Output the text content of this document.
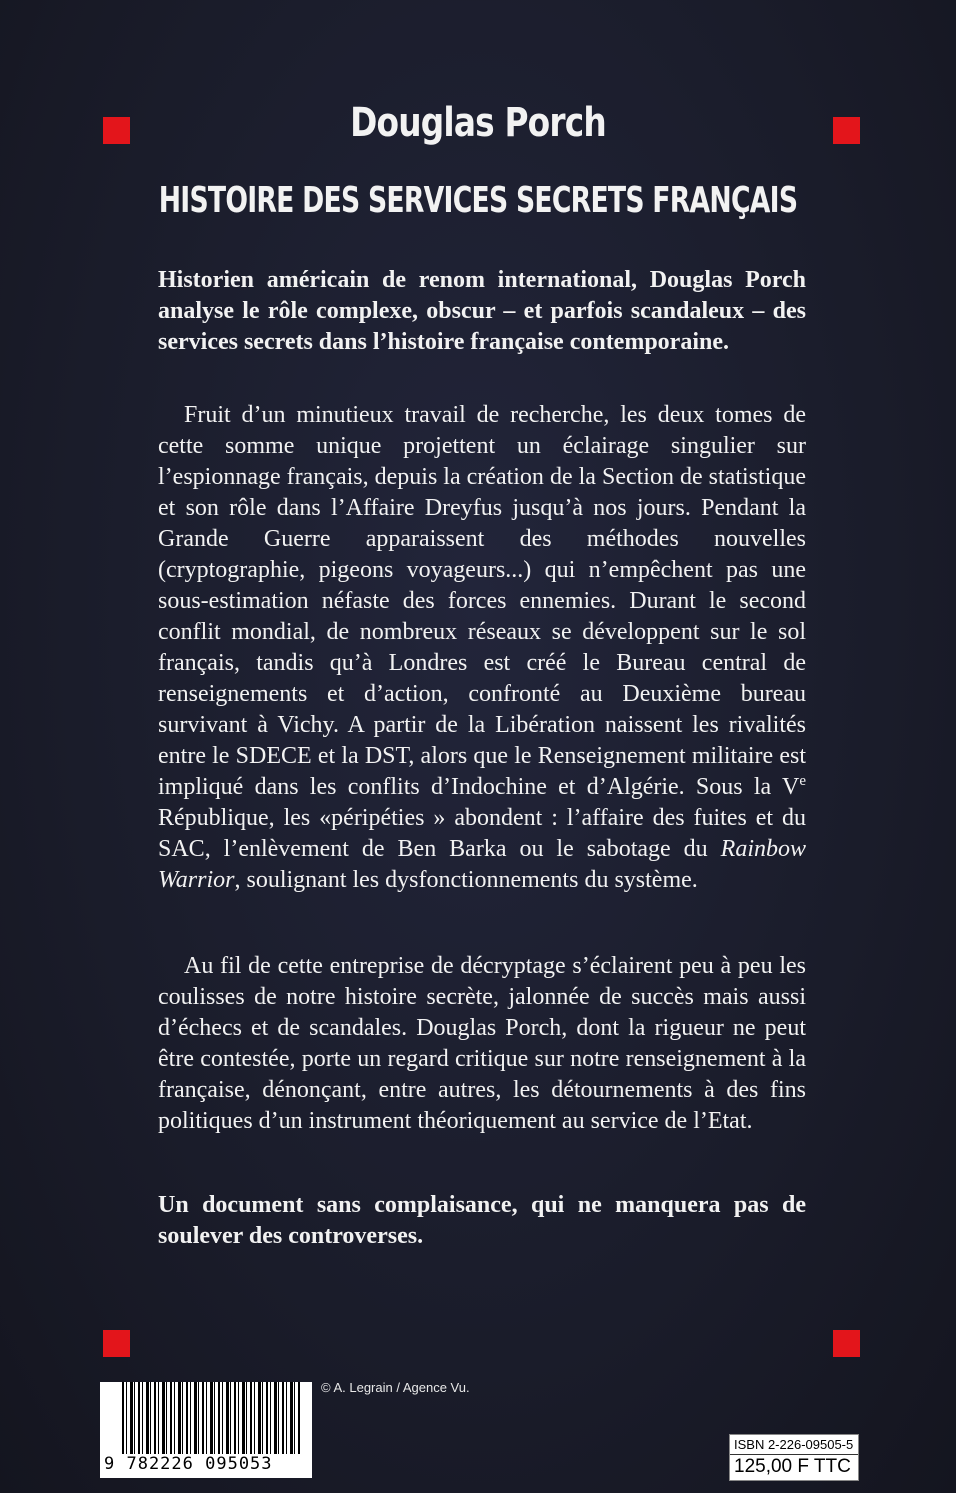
Douglas Porch
HISTOIRE DES SERVICES SECRETS FRANÇAIS
Historien américain de renom international, Douglas Porch analyse le rôle complexe, obscur – et parfois scandaleux – des services secrets dans l’histoire française contemporaine.
Fruit d’un minutieux travail de recherche, les deux tomes de cette somme unique projettent un éclairage singulier sur l’espionnage français, depuis la création de la Section de statistique et son rôle dans l’Affaire Dreyfus jusqu’à nos jours. Pendant la Grande Guerre apparaissent des méthodes nouvelles (cryptographie, pigeons voyageurs...) qui n’empêchent pas une sous-estimation néfaste des forces ennemies. Durant le second conflit mondial, de nombreux réseaux se développent sur le sol français, tandis qu’à Londres est créé le Bureau central de renseignements et d’action, confronté au Deuxième bureau survivant à Vichy. A partir de la Libération naissent les rivalités entre le SDECE et la DST, alors que le Renseignement militaire est impliqué dans les conflits d’Indochine et d’Algérie. Sous la Ve République, les «péripéties » abondent : l’affaire des fuites et du SAC, l’enlèvement de Ben Barka ou le sabotage du Rainbow Warrior, soulignant les dysfonctionnements du système.
Au fil de cette entreprise de décryptage s’éclairent peu à peu les coulisses de notre histoire secrète, jalonnée de succès mais aussi d’échecs et de scandales. Douglas Porch, dont la rigueur ne peut être contestée, porte un regard critique sur notre renseignement à la française, dénonçant, entre autres, les détournements à des fins politiques d’un instrument théoriquement au service de l’Etat.
Un document sans complaisance, qui ne manquera pas de soulever des controverses.
9 782226 095053
© A. Legrain / Agence Vu.
ISBN 2-226-09505-5
125,00 F TTC
